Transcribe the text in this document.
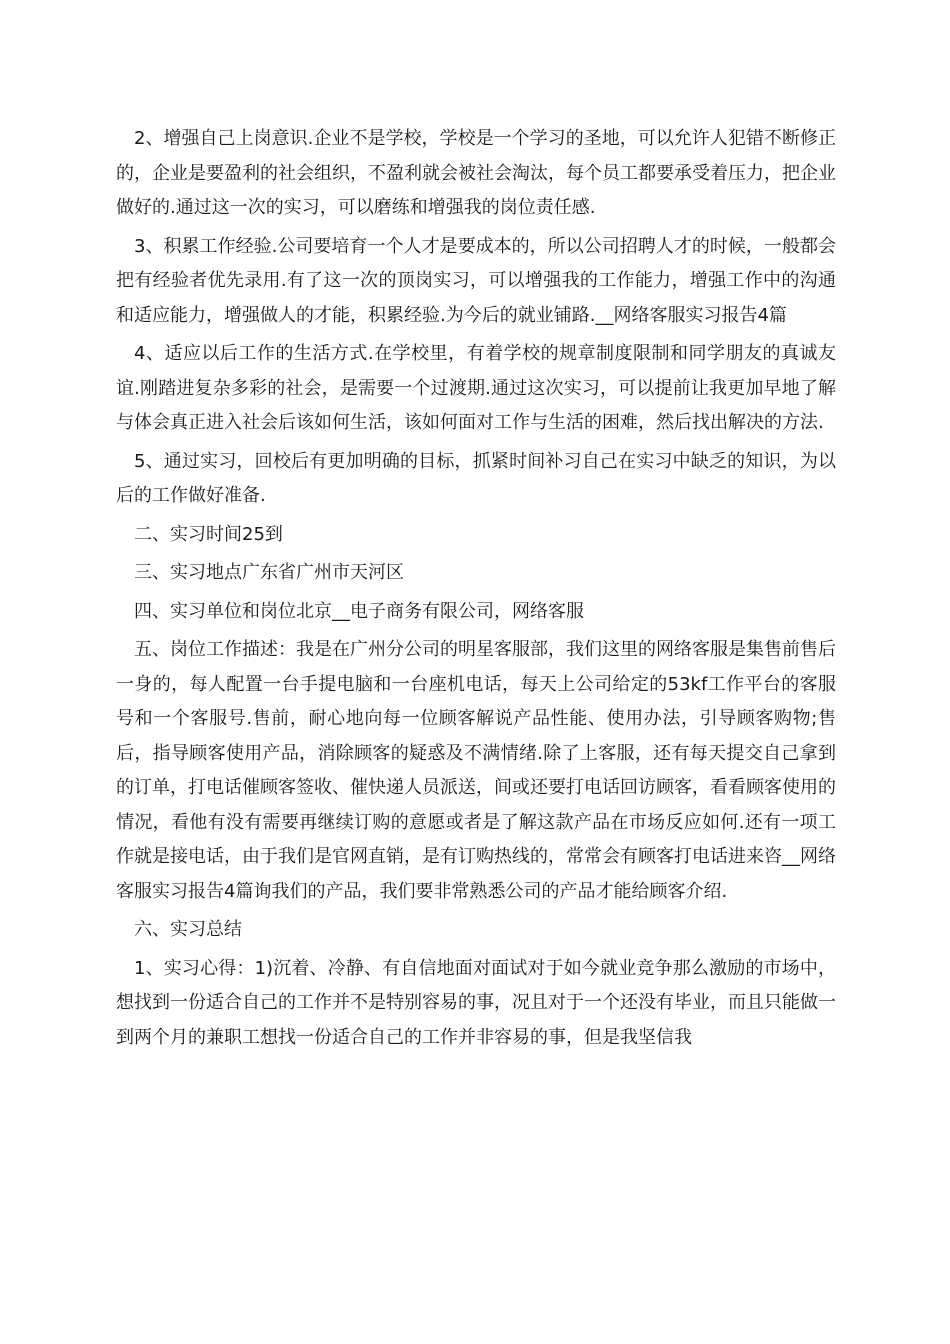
2、增强自己上岗意识.企业不是学校，学校是一个学习的圣地，可以允许人犯错不断修正的，企业是要盈利的社会组织，不盈利就会被社会淘汰，每个员工都要承受着压力，把企业做好的.通过这一次的实习，可以磨练和增强我的岗位责任感.

3、积累工作经验.公司要培育一个人才是要成本的，所以公司招聘人才的时候，一般都会把有经验者优先录用.有了这一次的顶岗实习，可以增强我的工作能力，增强工作中的沟通和适应能力，增强做人的才能，积累经验.为今后的就业铺路.__网络客服实习报告4篇

4、适应以后工作的生活方式.在学校里，有着学校的规章制度限制和同学朋友的真诚友谊.刚踏进复杂多彩的社会，是需要一个过渡期.通过这次实习，可以提前让我更加早地了解与体会真正进入社会后该如何生活，该如何面对工作与生活的困难，然后找出解决的方法.

5、通过实习，回校后有更加明确的目标，抓紧时间补习自己在实习中缺乏的知识，为以后的工作做好准备.

二、实习时间25到

三、实习地点广东省广州市天河区

四、实习单位和岗位北京__电子商务有限公司，网络客服

五、岗位工作描述：我是在广州分公司的明星客服部，我们这里的网络客服是集售前售后一身的，每人配置一台手提电脑和一台座机电话，每天上公司给定的53kf工作平台的客服号和一个客服号.售前，耐心地向每一位顾客解说产品性能、使用办法，引导顾客购物;售后，指导顾客使用产品，消除顾客的疑惑及不满情绪.除了上客服，还有每天提交自己拿到的订单，打电话催顾客签收、催快递人员派送，间或还要打电话回访顾客，看看顾客使用的情况，看他有没有需要再继续订购的意愿或者是了解这款产品在市场反应如何.还有一项工作就是接电话，由于我们是官网直销，是有订购热线的，常常会有顾客打电话进来咨__网络客服实习报告4篇询我们的产品，我们要非常熟悉公司的产品才能给顾客介绍.

六、实习总结

1、实习心得：1)沉着、冷静、有自信地面对面试对于如今就业竞争那么激励的市场中，想找到一份适合自己的工作并不是特别容易的事，况且对于一个还没有毕业，而且只能做一到两个月的兼职工想找一份适合自己的工作并非容易的事，但是我坚信我
